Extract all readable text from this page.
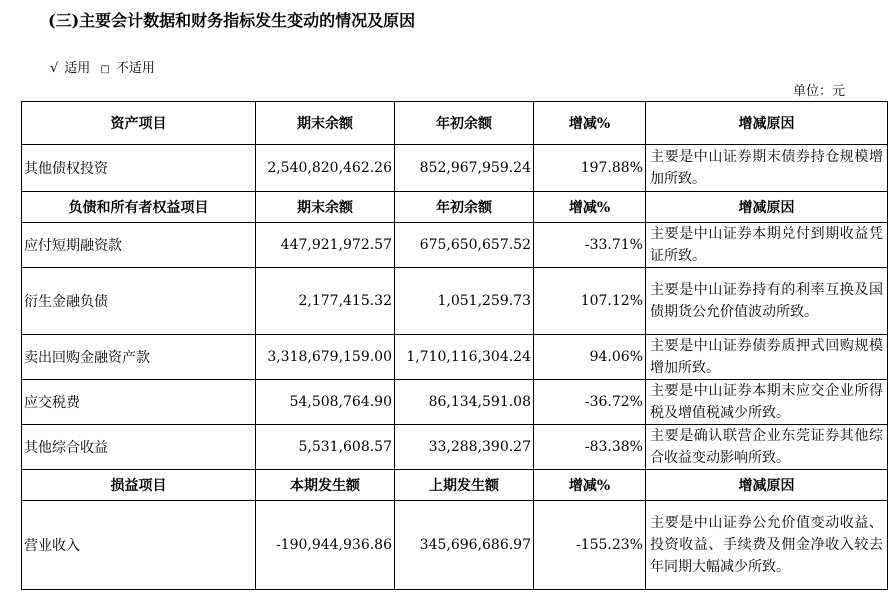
(三)主要会计数据和财务指标发生变动的情况及原因
√ 适用 □ 不适用
单位：元
资产项目	期末余额	年初余额	增减%	增减原因
其他债权投资	2,540,820,462.26	852,967,959.24	197.88%	主要是中山证券期末债券持仓规模增加所致。
负债和所有者权益项目	期末余额	年初余额	增减%	增减原因
应付短期融资款	447,921,972.57	675,650,657.52	-33.71%	主要是中山证券本期兑付到期收益凭证所致。
衍生金融负债	2,177,415.32	1,051,259.73	107.12%	主要是中山证券持有的利率互换及国债期货公允价值波动所致。
卖出回购金融资产款	3,318,679,159.00	1,710,116,304.24	94.06%	主要是中山证券债券质押式回购规模增加所致。
应交税费	54,508,764.90	86,134,591.08	-36.72%	主要是中山证券本期末应交企业所得税及增值税减少所致。
其他综合收益	5,531,608.57	33,288,390.27	-83.38%	主要是确认联营企业东莞证券其他综合收益变动影响所致。
损益项目	本期发生额	上期发生额	增减%	增减原因
营业收入	-190,944,936.86	345,696,686.97	-155.23%	主要是中山证券公允价值变动收益、投资收益、手续费及佣金净收入较去年同期大幅减少所致。
